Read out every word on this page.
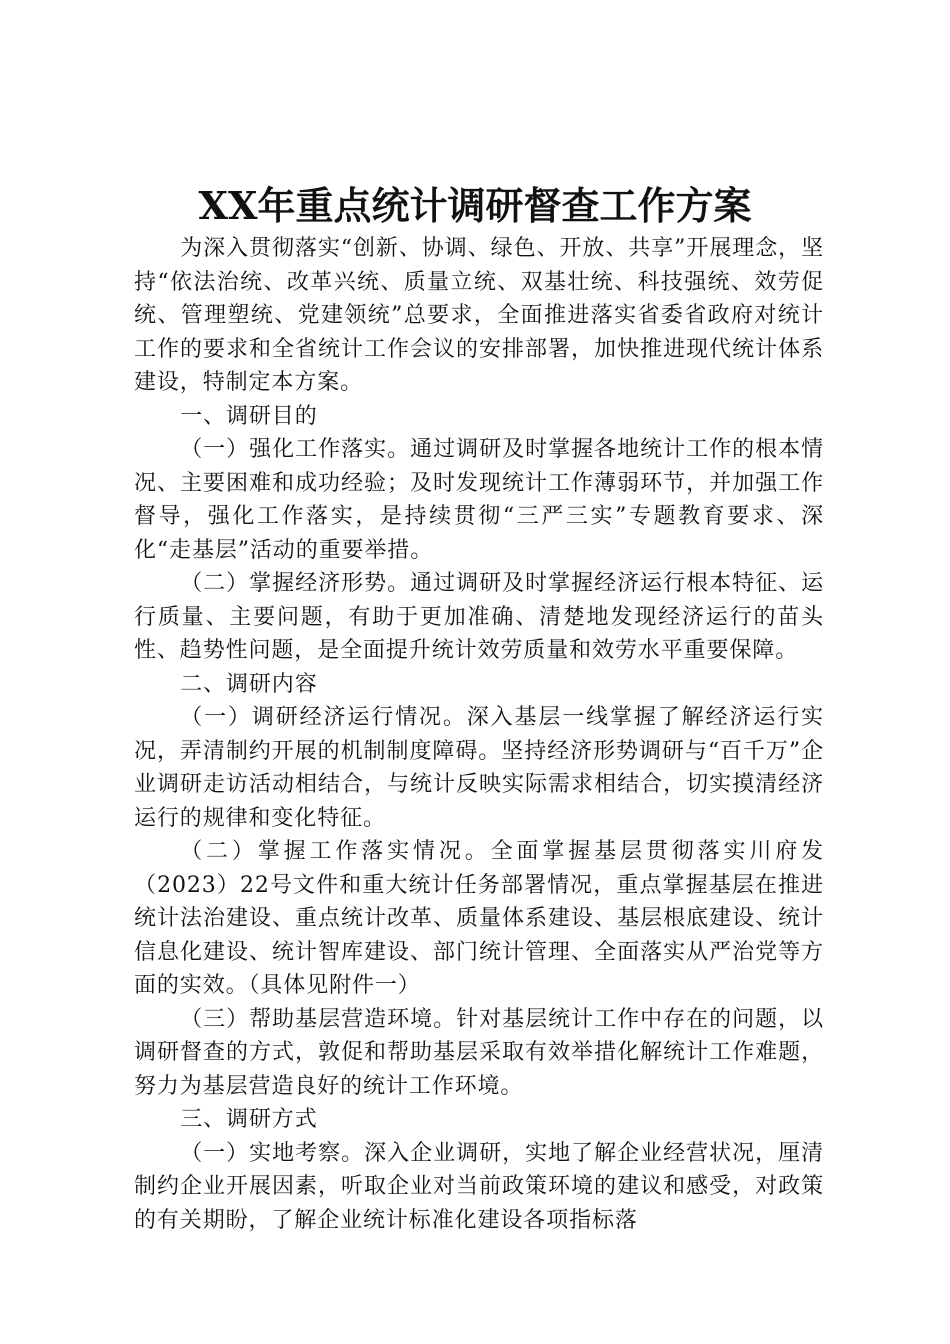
XX年重点统计调研督查工作方案

为深入贯彻落实“创新、协调、绿色、开放、共享”开展理念，坚持“依法治统、改革兴统、质量立统、双基壮统、科技强统、效劳促统、管理塑统、党建领统”总要求，全面推进落实省委省政府对统计工作的要求和全省统计工作会议的安排部署，加快推进现代统计体系建设，特制定本方案。

一、调研目的

（一）强化工作落实。通过调研及时掌握各地统计工作的根本情况、主要困难和成功经验；及时发现统计工作薄弱环节，并加强工作督导，强化工作落实，是持续贯彻“三严三实”专题教育要求、深化“走基层”活动的重要举措。

（二）掌握经济形势。通过调研及时掌握经济运行根本特征、运行质量、主要问题，有助于更加准确、清楚地发现经济运行的苗头性、趋势性问题，是全面提升统计效劳质量和效劳水平重要保障。

二、调研内容

（一）调研经济运行情况。深入基层一线掌握了解经济运行实况，弄清制约开展的机制制度障碍。坚持经济形势调研与“百千万”企业调研走访活动相结合，与统计反映实际需求相结合，切实摸清经济运行的规律和变化特征。

（二）掌握工作落实情况。全面掌握基层贯彻落实川府发（2023）22号文件和重大统计任务部署情况，重点掌握基层在推进统计法治建设、重点统计改革、质量体系建设、基层根底建设、统计信息化建设、统计智库建设、部门统计管理、全面落实从严治党等方面的实效。（具体见附件一）

（三）帮助基层营造环境。针对基层统计工作中存在的问题，以调研督查的方式，敦促和帮助基层采取有效举措化解统计工作难题，努力为基层营造良好的统计工作环境。

三、调研方式

（一）实地考察。深入企业调研，实地了解企业经营状况，厘清制约企业开展因素，听取企业对当前政策环境的建议和感受，对政策的有关期盼，了解企业统计标准化建设各项指标落
